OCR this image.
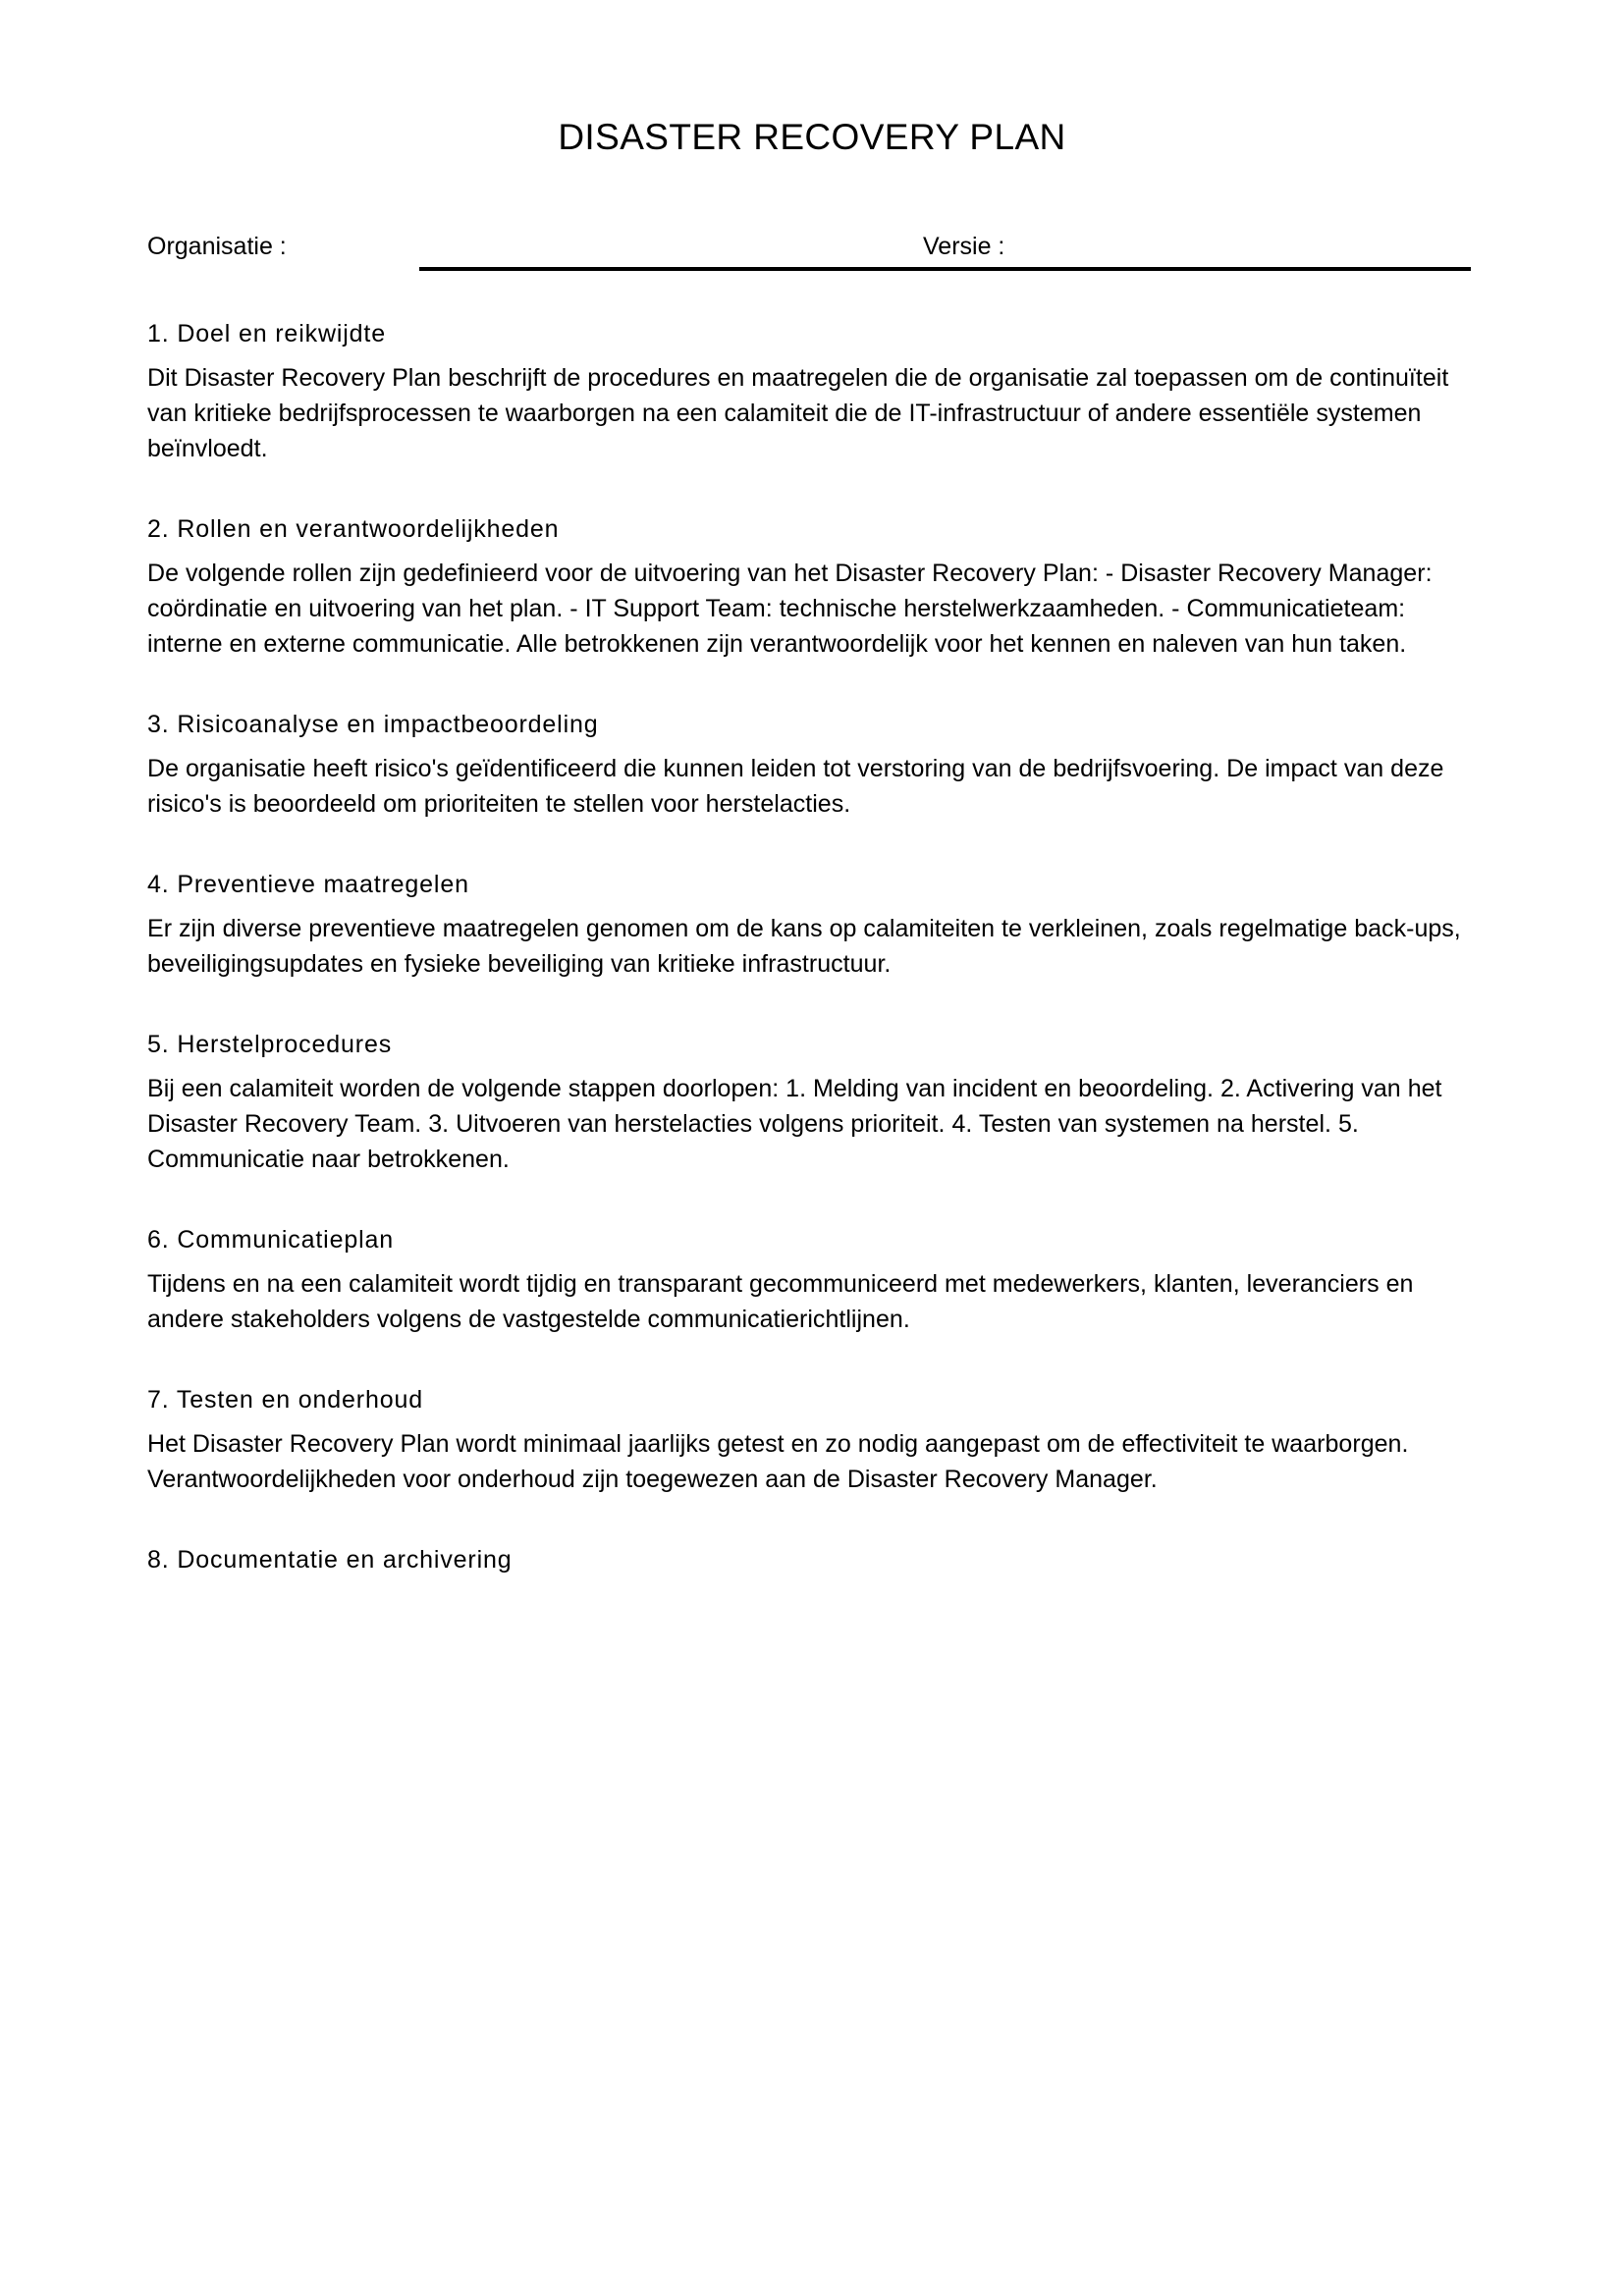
DISASTER RECOVERY PLAN
Organisatie :	Versie :

1. Doel en reikwijdte

Dit Disaster Recovery Plan beschrijft de procedures en maatregelen die de organisatie zal toepassen om de continuïteit van kritieke bedrijfsprocessen te waarborgen na een calamiteit die de IT-infrastructuur of andere essentiële systemen beïnvloedt.

2. Rollen en verantwoordelijkheden

De volgende rollen zijn gedefinieerd voor de uitvoering van het Disaster Recovery Plan: - Disaster Recovery Manager: coördinatie en uitvoering van het plan. - IT Support Team: technische herstelwerkzaamheden. - Communicatieteam: interne en externe communicatie. Alle betrokkenen zijn verantwoordelijk voor het kennen en naleven van hun taken.

3. Risicoanalyse en impactbeoordeling

De organisatie heeft risico's geïdentificeerd die kunnen leiden tot verstoring van de bedrijfsvoering. De impact van deze risico's is beoordeeld om prioriteiten te stellen voor herstelacties.

4. Preventieve maatregelen

Er zijn diverse preventieve maatregelen genomen om de kans op calamiteiten te verkleinen, zoals regelmatige back-ups, beveiligingsupdates en fysieke beveiliging van kritieke infrastructuur.

5. Herstelprocedures

Bij een calamiteit worden de volgende stappen doorlopen: 1. Melding van incident en beoordeling. 2. Activering van het Disaster Recovery Team. 3. Uitvoeren van herstelacties volgens prioriteit. 4. Testen van systemen na herstel. 5. Communicatie naar betrokkenen.

6. Communicatieplan

Tijdens en na een calamiteit wordt tijdig en transparant gecommuniceerd met medewerkers, klanten, leveranciers en andere stakeholders volgens de vastgestelde communicatierichtlijnen.

7. Testen en onderhoud

Het Disaster Recovery Plan wordt minimaal jaarlijks getest en zo nodig aangepast om de effectiviteit te waarborgen. Verantwoordelijkheden voor onderhoud zijn toegewezen aan de Disaster Recovery Manager.

8. Documentatie en archivering
